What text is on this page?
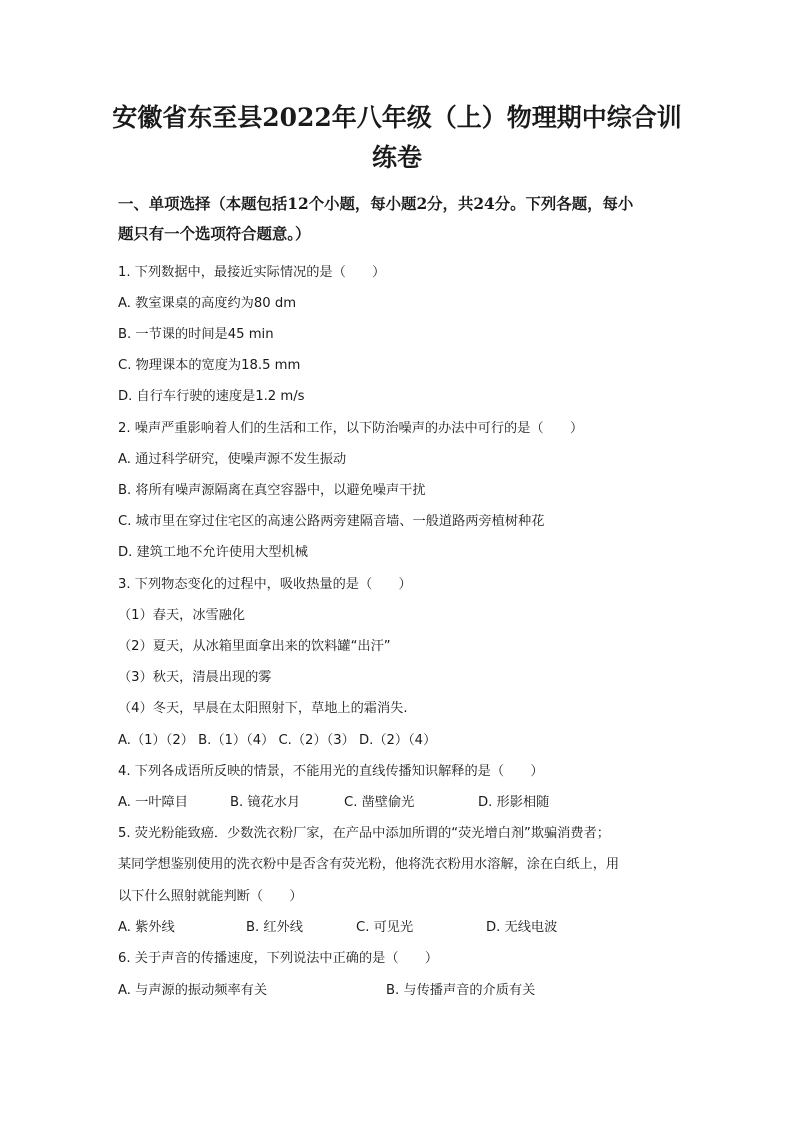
安徽省东至县2022年八年级（上）物理期中综合训
练卷
一、单项选择（本题包括12个小题，每小题2分，共24分。下列各题，每小
题只有一个选项符合题意。）
1. 下列数据中，最接近实际情况的是（　　）
A. 教室课桌的高度约为80 dm
B. 一节课的时间是45 min
C. 物理课本的宽度为18.5 mm
D. 自行车行驶的速度是1.2 m/s
2. 噪声严重影响着人们的生活和工作，以下防治噪声的办法中可行的是（　　）
A. 通过科学研究，使噪声源不发生振动
B. 将所有噪声源隔离在真空容器中，以避免噪声干扰
C. 城市里在穿过住宅区的高速公路两旁建隔音墙、一般道路两旁植树种花
D. 建筑工地不允许使用大型机械
3. 下列物态变化的过程中，吸收热量的是（　　）
（1）春天，冰雪融化
（2）夏天，从冰箱里面拿出来的饮料罐“出汗”
（3）秋天，清晨出现的雾
（4）冬天，早晨在太阳照射下，草地上的霜消失.
A.（1）（2） B.（1）（4） C.（2）（3） D.（2）（4）
4. 下列各成语所反映的情景，不能用光的直线传播知识解释的是（　　）
A. 一叶障目	B. 镜花水月	C. 凿壁偷光	D. 形影相随
5. 荧光粉能致癌．少数洗衣粉厂家，在产品中添加所谓的“荧光增白剂”欺骗消费者；
某同学想鉴别使用的洗衣粉中是否含有荧光粉，他将洗衣粉用水溶解，涂在白纸上，用
以下什么照射就能判断（　　）
A. 紫外线	B. 红外线	C. 可见光	D. 无线电波
6. 关于声音的传播速度，下列说法中正确的是（　　）
A. 与声源的振动频率有关	B. 与传播声音的介质有关
